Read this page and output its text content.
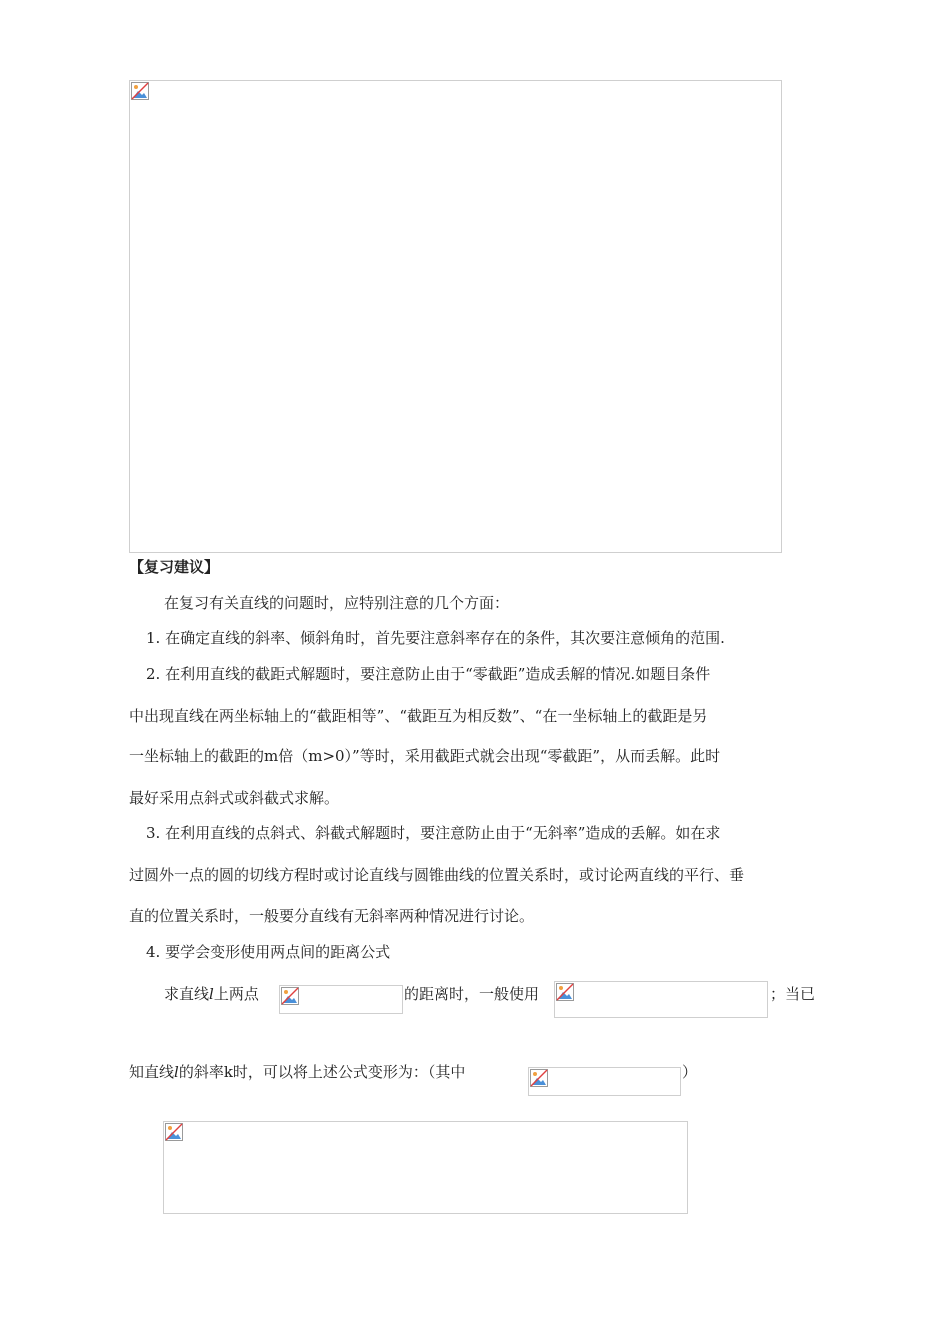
【复习建议】
在复习有关直线的问题时，应特别注意的几个方面：
1. 在确定直线的斜率、倾斜角时，首先要注意斜率存在的条件，其次要注意倾角的范围.
2. 在利用直线的截距式解题时，要注意防止由于“零截距”造成丢解的情况.如题目条件
中出现直线在两坐标轴上的“截距相等”、“截距互为相反数”、“在一坐标轴上的截距是另
一坐标轴上的截距的m倍（m>0）”等时，采用截距式就会出现“零截距”，从而丢解。此时
最好采用点斜式或斜截式求解。
3. 在利用直线的点斜式、斜截式解题时，要注意防止由于“无斜率”造成的丢解。如在求
过圆外一点的圆的切线方程时或讨论直线与圆锥曲线的位置关系时，或讨论两直线的平行、垂
直的位置关系时，一般要分直线有无斜率两种情况进行讨论。
4. 要学会变形使用两点间的距离公式
求直线l上两点	的距离时，一般使用	；当已
知直线l的斜率k时，可以将上述公式变形为：（其中	）
